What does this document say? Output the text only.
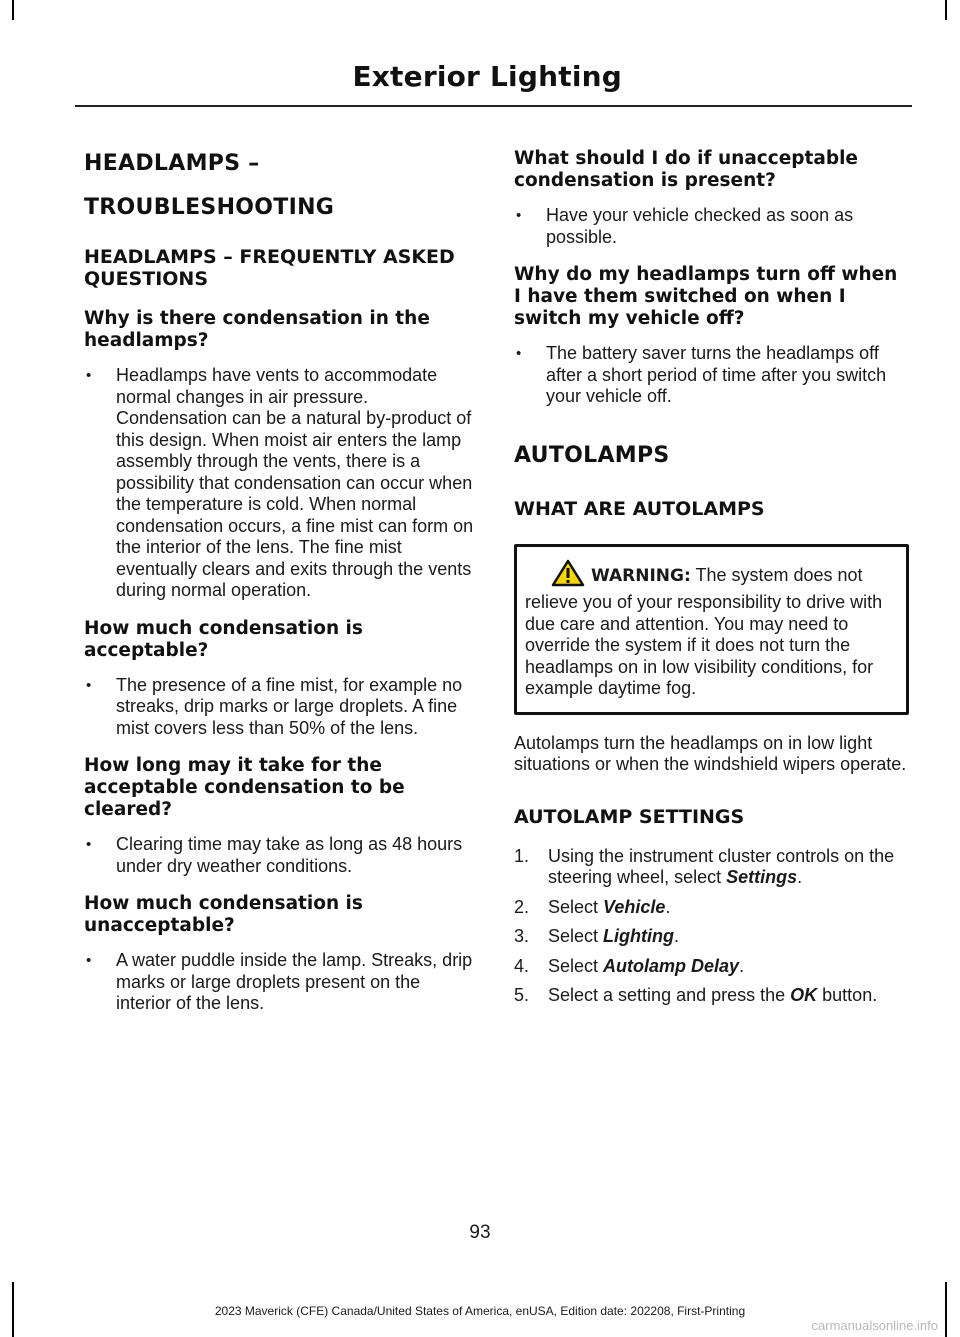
Exterior Lighting

HEADLAMPS –

TROUBLESHOOTING

HEADLAMPS – FREQUENTLY ASKED QUESTIONS

Why is there condensation in the headlamps?

• Headlamps have vents to accommodate normal changes in air pressure. Condensation can be a natural by-product of this design. When moist air enters the lamp assembly through the vents, there is a possibility that condensation can occur when the temperature is cold. When normal condensation occurs, a fine mist can form on the interior of the lens. The fine mist eventually clears and exits through the vents during normal operation.

How much condensation is acceptable?

• The presence of a fine mist, for example no streaks, drip marks or large droplets. A fine mist covers less than 50% of the lens.

How long may it take for the acceptable condensation to be cleared?

• Clearing time may take as long as 48 hours under dry weather conditions.

How much condensation is unacceptable?

• A water puddle inside the lamp. Streaks, drip marks or large droplets present on the interior of the lens.

What should I do if unacceptable condensation is present?

• Have your vehicle checked as soon as possible.

Why do my headlamps turn off when I have them switched on when I switch my vehicle off?

• The battery saver turns the headlamps off after a short period of time after you switch your vehicle off.

AUTOLAMPS

WHAT ARE AUTOLAMPS

WARNING: The system does not relieve you of your responsibility to drive with due care and attention. You may need to override the system if it does not turn the headlamps on in low visibility conditions, for example daytime fog.

Autolamps turn the headlamps on in low light situations or when the windshield wipers operate.

AUTOLAMP SETTINGS

1. Using the instrument cluster controls on the steering wheel, select Settings.

2. Select Vehicle.

3. Select Lighting.

4. Select Autolamp Delay.

5. Select a setting and press the OK button.

93
2023 Maverick (CFE) Canada/United States of America, enUSA, Edition date: 202208, First-Printing
carmanualsonline.info
